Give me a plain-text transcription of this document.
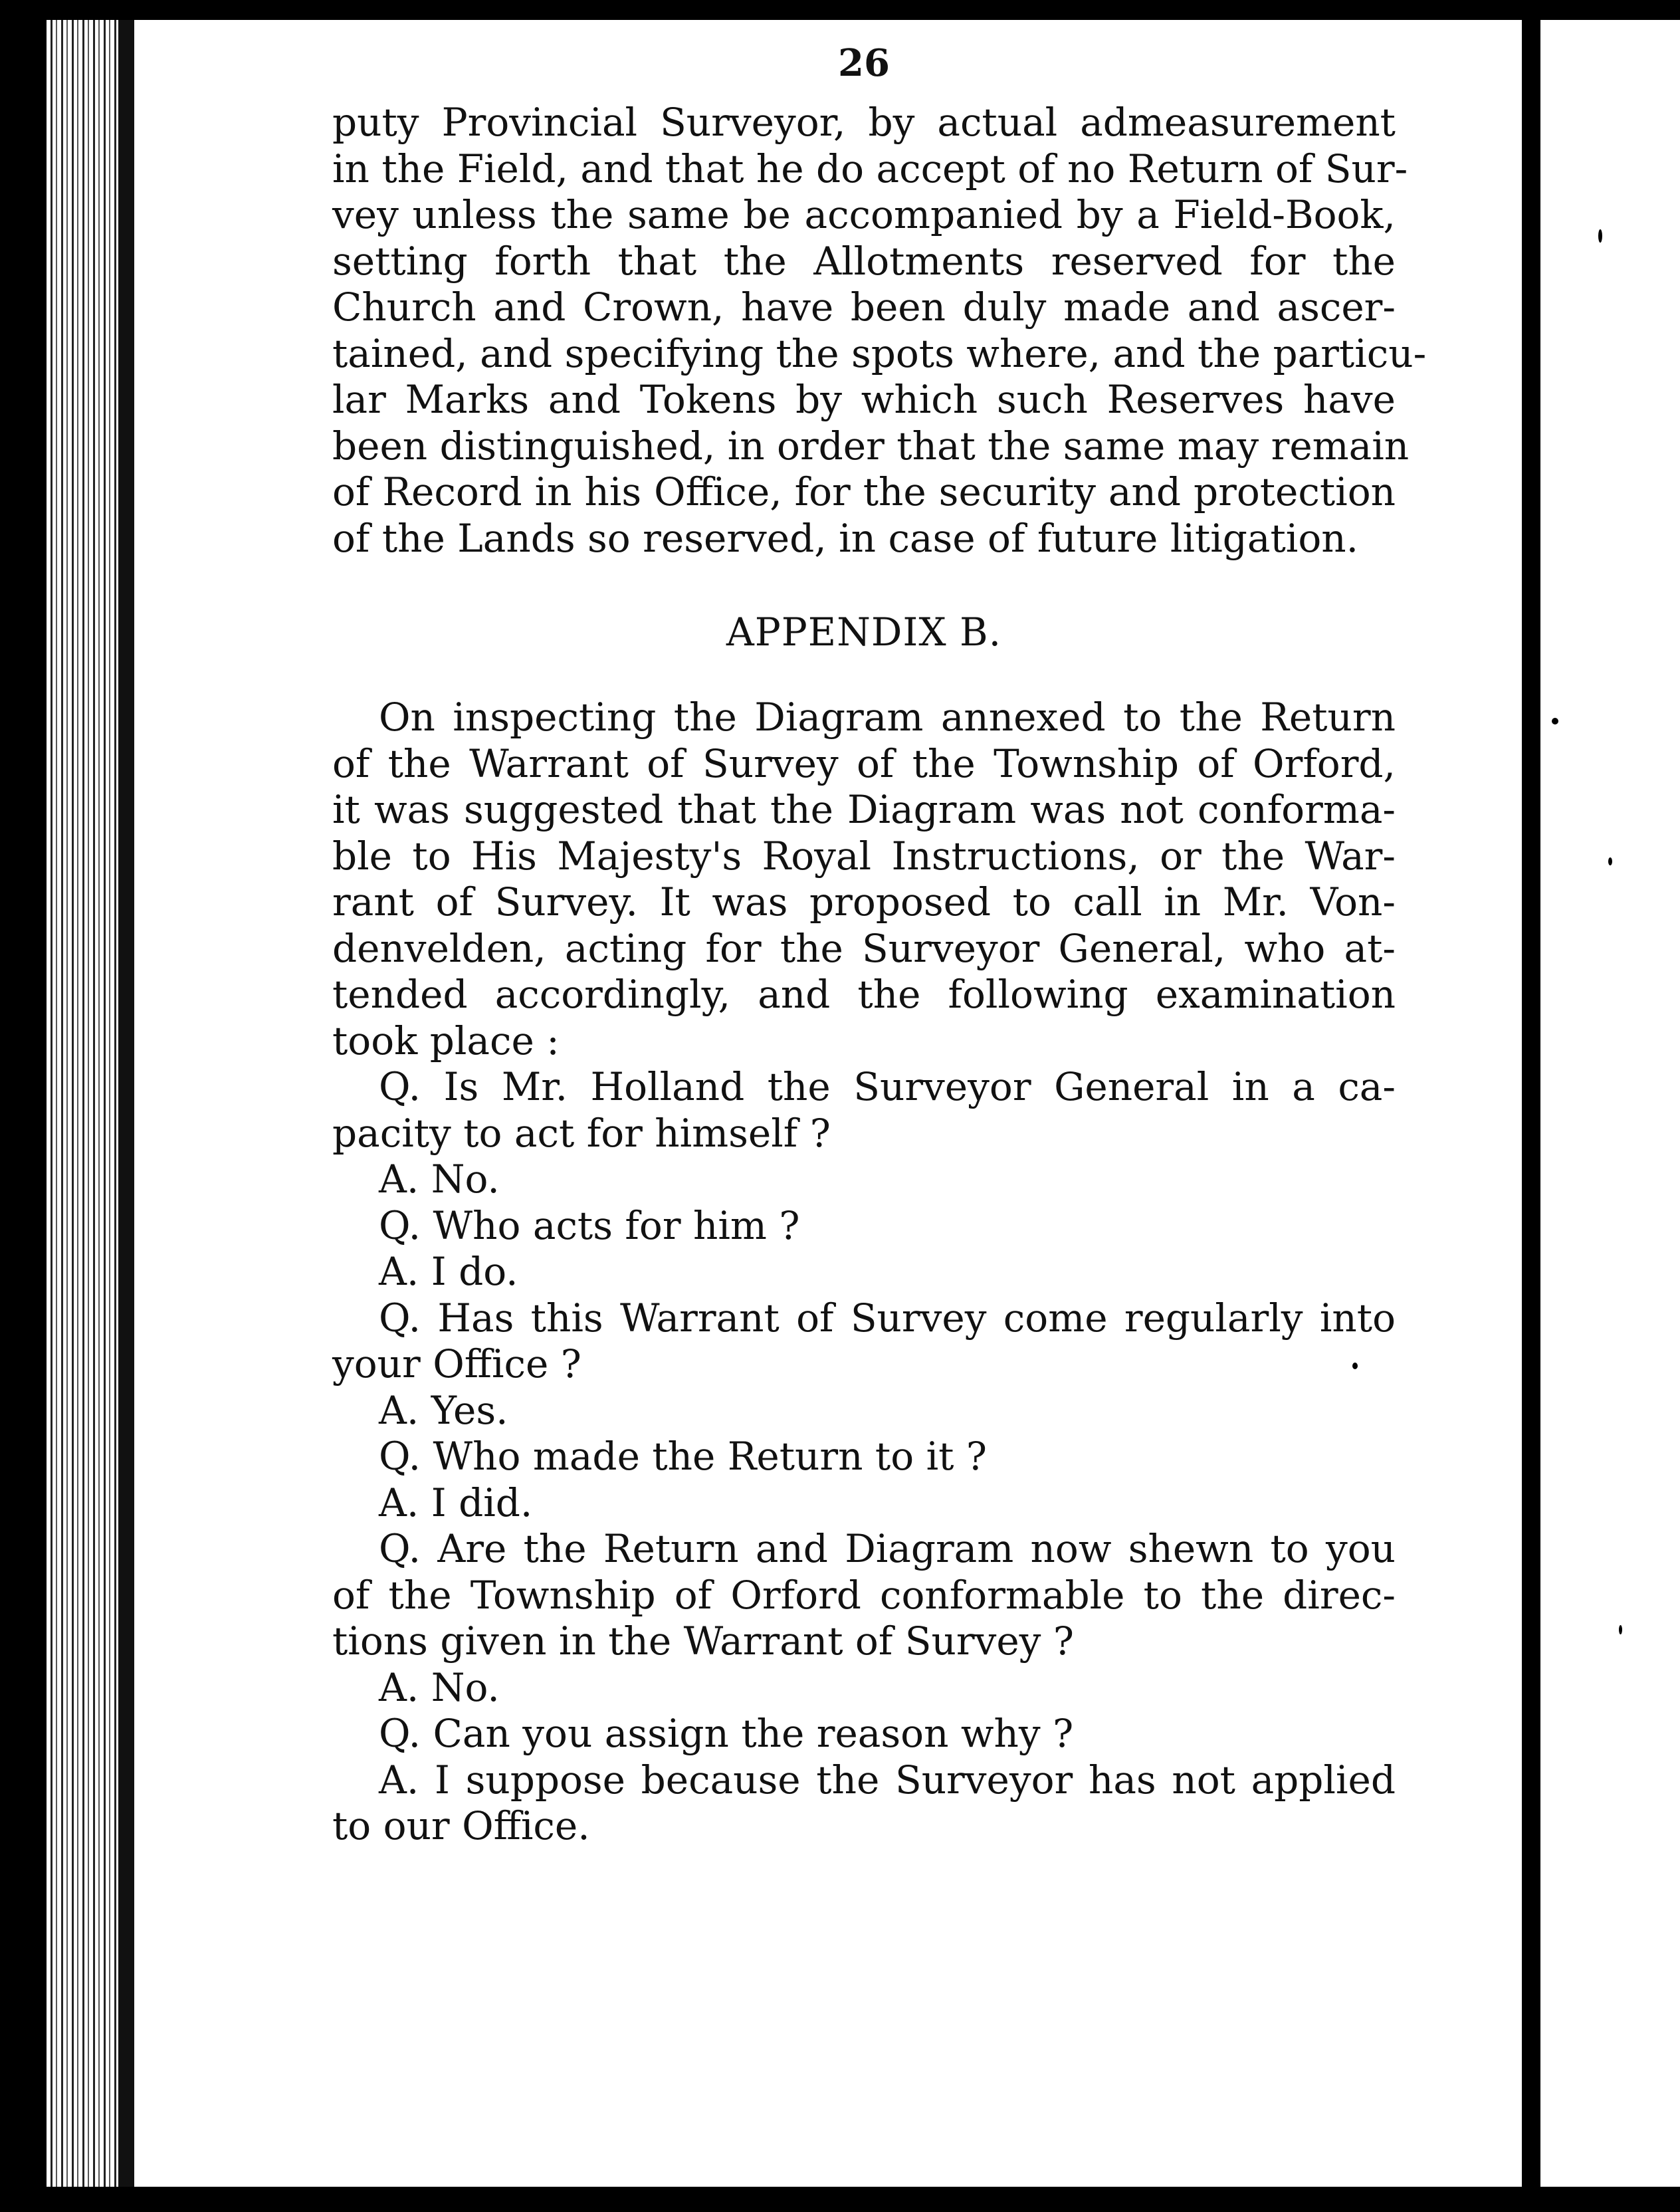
26
puty Provincial Surveyor, by actual admeasurement
in the Field, and that he do accept of no Return of Sur-
vey unless the same be accompanied by a Field-Book,
setting forth that the Allotments reserved for the
Church and Crown, have been duly made and ascer-
tained, and specifying the spots where, and the particu-
lar Marks and Tokens by which such Reserves have
been distinguished, in order that the same may remain
of Record in his Office, for the security and protection
of the Lands so reserved, in case of future litigation.
APPENDIX B.
On inspecting the Diagram annexed to the Return
of the Warrant of Survey of the Township of Orford,
it was suggested that the Diagram was not conforma-
ble to His Majesty's Royal Instructions, or the War-
rant of Survey. It was proposed to call in Mr. Von-
denvelden, acting for the Surveyor General, who at-
tended accordingly, and the following examination
took place :
Q. Is Mr. Holland the Surveyor General in a ca-
pacity to act for himself ?
A. No.
Q. Who acts for him ?
A. I do.
Q. Has this Warrant of Survey come regularly into
your Office ?
A. Yes.
Q. Who made the Return to it ?
A. I did.
Q. Are the Return and Diagram now shewn to you
of the Township of Orford conformable to the direc-
tions given in the Warrant of Survey ?
A. No.
Q. Can you assign the reason why ?
A. I suppose because the Surveyor has not applied
to our Office.
